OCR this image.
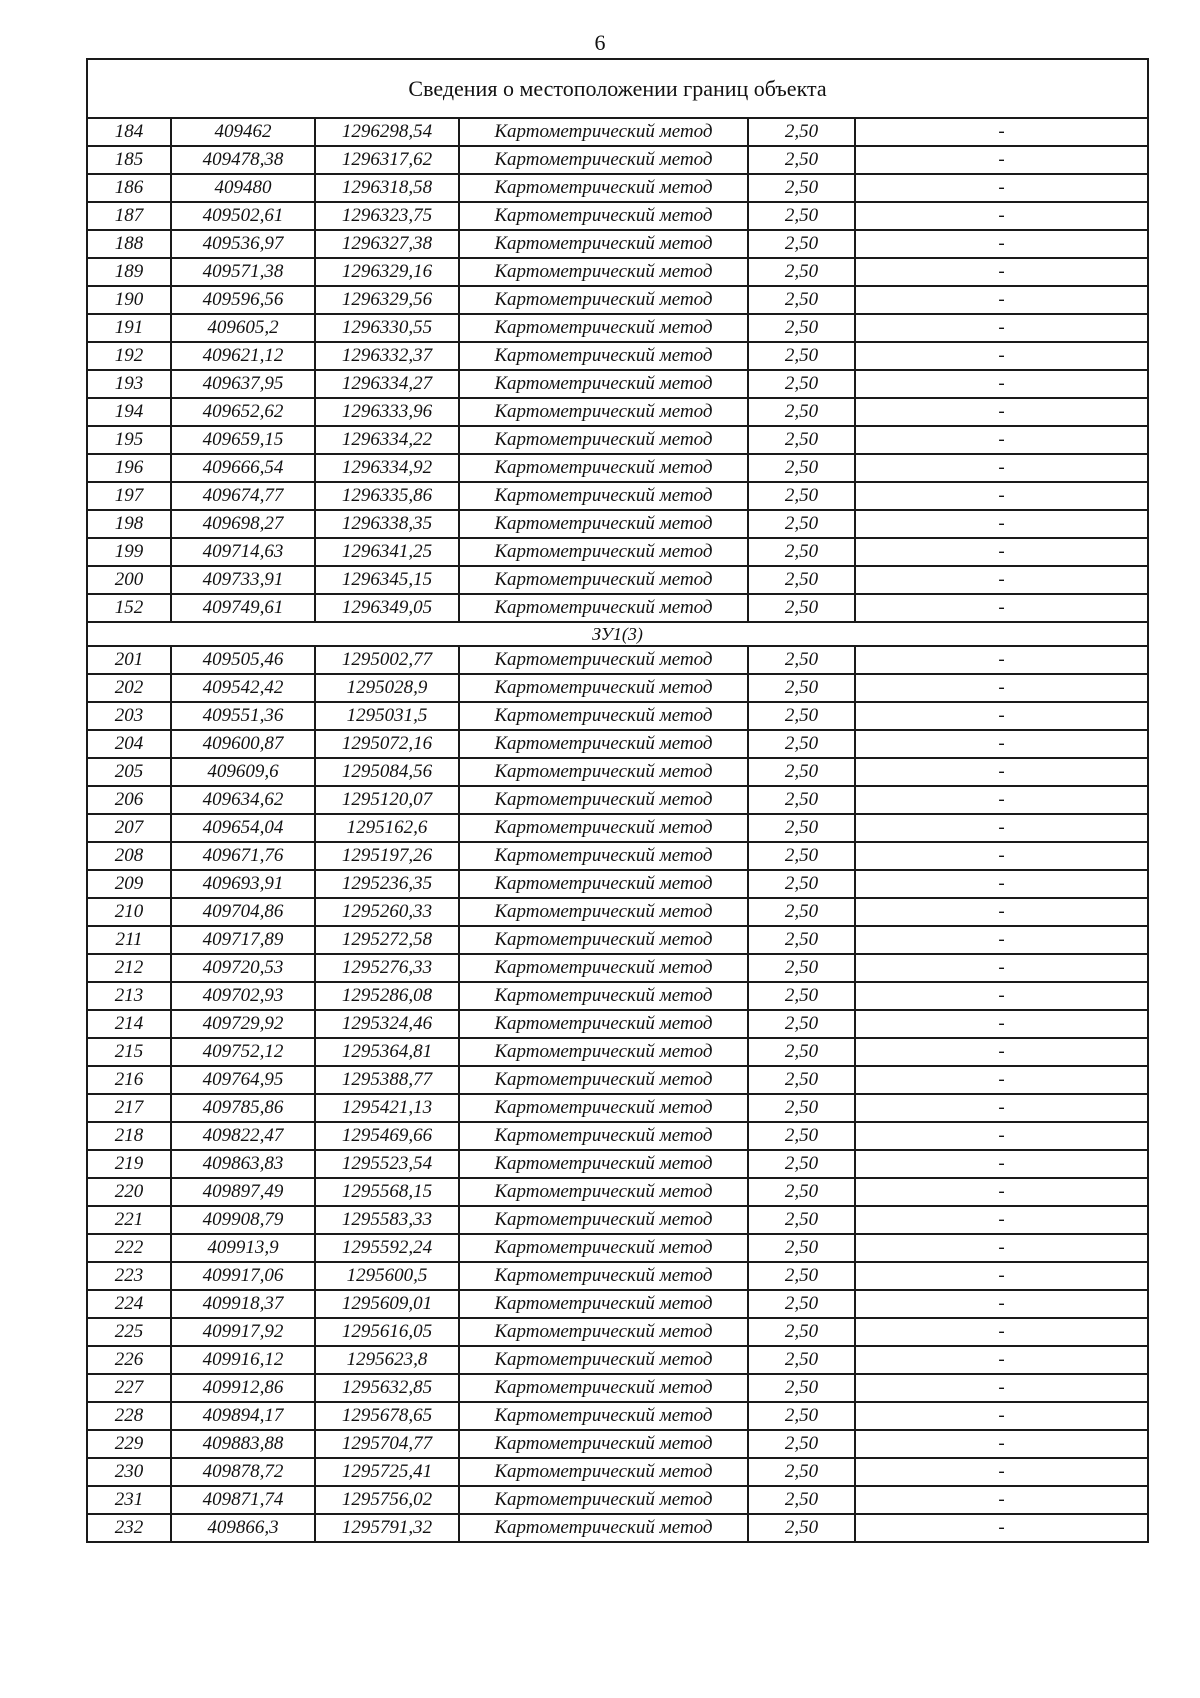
6
Сведения о местоположении границ объекта					
184	409462	1296298,54	Картометрический метод	2,50	-
185	409478,38	1296317,62	Картометрический метод	2,50	-
186	409480	1296318,58	Картометрический метод	2,50	-
187	409502,61	1296323,75	Картометрический метод	2,50	-
188	409536,97	1296327,38	Картометрический метод	2,50	-
189	409571,38	1296329,16	Картометрический метод	2,50	-
190	409596,56	1296329,56	Картометрический метод	2,50	-
191	409605,2	1296330,55	Картометрический метод	2,50	-
192	409621,12	1296332,37	Картометрический метод	2,50	-
193	409637,95	1296334,27	Картометрический метод	2,50	-
194	409652,62	1296333,96	Картометрический метод	2,50	-
195	409659,15	1296334,22	Картометрический метод	2,50	-
196	409666,54	1296334,92	Картометрический метод	2,50	-
197	409674,77	1296335,86	Картометрический метод	2,50	-
198	409698,27	1296338,35	Картометрический метод	2,50	-
199	409714,63	1296341,25	Картометрический метод	2,50	-
200	409733,91	1296345,15	Картометрический метод	2,50	-
152	409749,61	1296349,05	Картометрический метод	2,50	-
ЗУ1(3)					
201	409505,46	1295002,77	Картометрический метод	2,50	-
202	409542,42	1295028,9	Картометрический метод	2,50	-
203	409551,36	1295031,5	Картометрический метод	2,50	-
204	409600,87	1295072,16	Картометрический метод	2,50	-
205	409609,6	1295084,56	Картометрический метод	2,50	-
206	409634,62	1295120,07	Картометрический метод	2,50	-
207	409654,04	1295162,6	Картометрический метод	2,50	-
208	409671,76	1295197,26	Картометрический метод	2,50	-
209	409693,91	1295236,35	Картометрический метод	2,50	-
210	409704,86	1295260,33	Картометрический метод	2,50	-
211	409717,89	1295272,58	Картометрический метод	2,50	-
212	409720,53	1295276,33	Картометрический метод	2,50	-
213	409702,93	1295286,08	Картометрический метод	2,50	-
214	409729,92	1295324,46	Картометрический метод	2,50	-
215	409752,12	1295364,81	Картометрический метод	2,50	-
216	409764,95	1295388,77	Картометрический метод	2,50	-
217	409785,86	1295421,13	Картометрический метод	2,50	-
218	409822,47	1295469,66	Картометрический метод	2,50	-
219	409863,83	1295523,54	Картометрический метод	2,50	-
220	409897,49	1295568,15	Картометрический метод	2,50	-
221	409908,79	1295583,33	Картометрический метод	2,50	-
222	409913,9	1295592,24	Картометрический метод	2,50	-
223	409917,06	1295600,5	Картометрический метод	2,50	-
224	409918,37	1295609,01	Картометрический метод	2,50	-
225	409917,92	1295616,05	Картометрический метод	2,50	-
226	409916,12	1295623,8	Картометрический метод	2,50	-
227	409912,86	1295632,85	Картометрический метод	2,50	-
228	409894,17	1295678,65	Картометрический метод	2,50	-
229	409883,88	1295704,77	Картометрический метод	2,50	-
230	409878,72	1295725,41	Картометрический метод	2,50	-
231	409871,74	1295756,02	Картометрический метод	2,50	-
232	409866,3	1295791,32	Картометрический метод	2,50	-
